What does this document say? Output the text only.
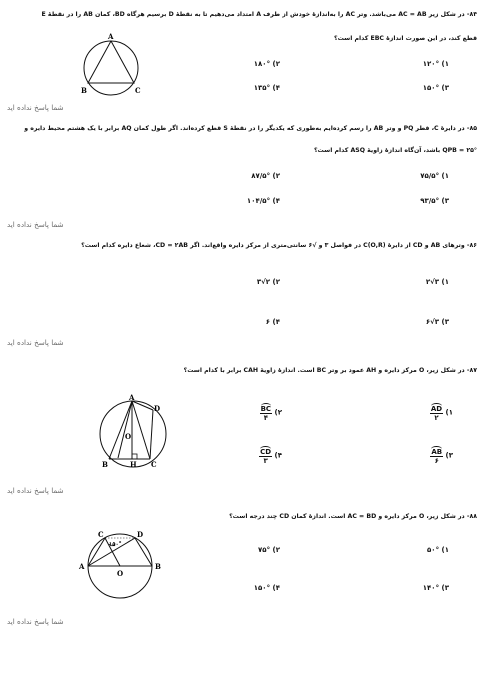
۸۴- در شکل زیر AC = AB می‌باشد. وتر AC را به‌اندازهٔ خودش از طرف A امتداد می‌دهیم تا به نقطهٔ D برسیم هرگاه BD، کمان AB را در نقطهٔ E
قطع کند، در این صورت اندازهٔ EBC کدام است؟
A
B	C
۱) ۱۲۰°
۲) ۱۸۰°
۳) ۱۵۰°
۴) ۱۳۵°
شما پاسخ نداده اید
۸۵- در دایرهٔ C، قطر PQ و وتر AB را رسم کرده‌ایم به‌طوری که یکدیگر را در نقطهٔ S قطع کرده‌اند. اگر طول کمان AQ برابر با یک هشتم محیط دایره و
QPB = ۲۵° باشد، آن‌گاه اندازهٔ زاویهٔ ASQ کدام است؟
۱) ۷۵/۵°
۲) ۸۷/۵°
۳) ۹۳/۵°
۴) ۱۰۴/۵°
شما پاسخ نداده اید
۸۶- وترهای AB و CD از دایرهٔ C(O,R) در فواصل ۳ و √۶ سانتی‌متری از مرکز دایره واقع‌اند. اگر CD = ۲AB، شعاع دایره کدام است؟
۱) ۳√۲
۲) ۲√۳
۳) ۳√۶
۴) ۶
شما پاسخ نداده اید
۸۷- در شکل زیر، O مرکز دایره و AH عمود بر وتر BC است. اندازهٔ زاویهٔ CAH برابر با کدام است؟
A
D
O
B	H C
۱)
$\frac{AD}{۲}$
۲)
$\frac{BC}{۴}$
۳)
$\frac{AB}{۶}$
۴)
$\frac{CD}{۳}$
شما پاسخ نداده اید
۸۸- در شکل زیر، O مرکز دایره و AC = BD است. اندازهٔ کمان CD چند درجه است؟
C	D
A	B
O
۱۵۰°
۱) ۵۰°
۲) ۷۵°
۳) ۱۴۰°
۴) ۱۵۰°
شما پاسخ نداده اید
